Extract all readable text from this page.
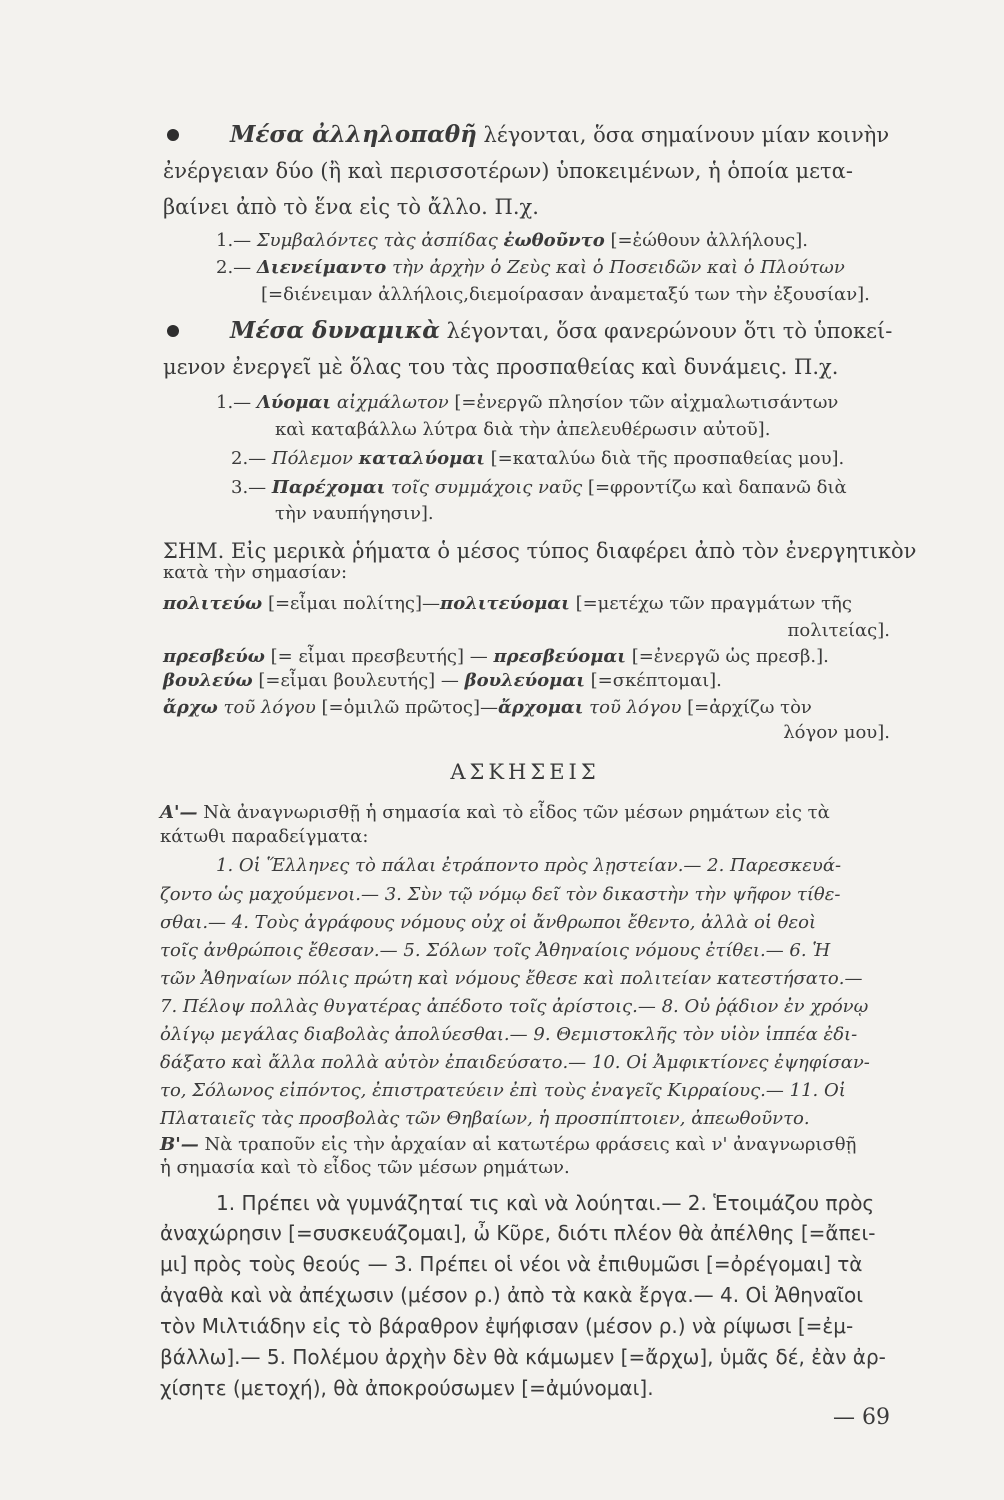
Μέσα ἀλληλοπαθῆ λέγονται, ὅσα σημαίνουν μίαν κοινὴν
ἐνέργειαν δύο (ἢ καὶ περισσοτέρων) ὑποκειμένων, ἡ ὁποία μετα-
βαίνει ἀπὸ τὸ ἕνα εἰς τὸ ἄλλο. Π.χ.
1.— Συμβαλόντες τὰς ἀσπίδας ἐωθοῦντο [=ἐώθουν ἀλλήλους].
2.— Διενείμαντο τὴν ἀρχὴν ὁ Ζεὺς καὶ ὁ Ποσειδῶν καὶ ὁ Πλούτων
[=διένειμαν ἀλλήλοις,διεμοίρασαν ἀναμεταξύ των τὴν ἐξουσίαν].
Μέσα δυναμικὰ λέγονται, ὅσα φανερώνουν ὅτι τὸ ὑποκεί-
μενον ἐνεργεῖ μὲ ὅλας του τὰς προσπαθείας καὶ δυνάμεις. Π.χ.
1.— Λύομαι αἰχμάλωτον [=ἐνεργῶ πλησίον τῶν αἰχμαλωτισάντων
καὶ καταβάλλω λύτρα διὰ τὴν ἀπελευθέρωσιν αὐτοῦ].
2.— Πόλεμον καταλύομαι [=καταλύω διὰ τῆς προσπαθείας μου].
3.— Παρέχομαι τοῖς συμμάχοις ναῦς [=φροντίζω καὶ δαπανῶ διὰ
τὴν ναυπήγησιν].
ΣΗΜ. Εἰς μερικὰ ῥήματα ὁ μέσος τύπος διαφέρει ἀπὸ τὸν ἐνεργητικὸν
κατὰ τὴν σημασίαν:
πολιτεύω [=εἶμαι πολίτης]—πολιτεύομαι [=μετέχω τῶν πραγμάτων τῆς
πολιτείας].
πρεσβεύω [= εἶμαι πρεσβευτής] — πρεσβεύομαι [=ἐνεργῶ ὡς πρεσβ.].
βουλεύω [=εἶμαι βουλευτής] — βουλεύομαι [=σκέπτομαι].
ἄρχω τοῦ λόγου [=ὁμιλῶ πρῶτος]—ἄρχομαι τοῦ λόγου [=ἀρχίζω τὸν
λόγον μου].
ΑΣΚΗΣΕΙΣ
Α'— Νὰ ἀναγνωρισθῇ ἡ σημασία καὶ τὸ εἶδος τῶν μέσων ρημάτων εἰς τὰ
κάτωθι παραδείγματα:
1. Οἱ Ἕλληνες τὸ πάλαι ἐτράποντο πρὸς λῃστείαν.— 2. Παρεσκευά-
ζοντο ὡς μαχούμενοι.— 3. Σὺν τῷ νόμῳ δεῖ τὸν δικαστὴν τὴν ψῆφον τίθε-
σθαι.— 4. Τοὺς ἀγράφους νόμους οὐχ οἱ ἄνθρωποι ἔθεντο, ἀλλὰ οἱ θεοὶ
τοῖς ἀνθρώποις ἔθεσαν.— 5. Σόλων τοῖς Ἀθηναίοις νόμους ἐτίθει.— 6. Ἡ
τῶν Ἀθηναίων πόλις πρώτη καὶ νόμους ἔθεσε καὶ πολιτείαν κατεστήσατο.—
7. Πέλοψ πολλὰς θυγατέρας ἀπέδοτο τοῖς ἀρίστοις.— 8. Οὐ ῥᾴδιον ἐν χρόνῳ
ὀλίγῳ μεγάλας διαβολὰς ἀπολύεσθαι.— 9. Θεμιστοκλῆς τὸν υἱὸν ἱππέα ἐδι-
δάξατο καὶ ἄλλα πολλὰ αὐτὸν ἐπαιδεύσατο.— 10. Οἱ Ἀμφικτίονες ἐψηφίσαν-
το, Σόλωνος εἰπόντος, ἐπιστρατεύειν ἐπὶ τοὺς ἐναγεῖς Κιρραίους.— 11. Οἱ
Πλαταιεῖς τὰς προσβολὰς τῶν Θηβαίων, ἡ προσπίπτοιεν, ἀπεωθοῦντο.
Β'— Νὰ τραποῦν εἰς τὴν ἀρχαίαν αἱ κατωτέρω φράσεις καὶ ν' ἀναγνωρισθῇ
ἡ σημασία καὶ τὸ εἶδος τῶν μέσων ρημάτων.
1. Πρέπει νὰ γυμνάζηταί τις καὶ νὰ λούηται.— 2. Ἑτοιμάζου πρὸς
ἀναχώρησιν [=συσκευάζομαι], ὦ Κῦρε, διότι πλέον θὰ ἀπέλθης [=ἄπει-
μι] πρὸς τοὺς θεούς — 3. Πρέπει οἱ νέοι νὰ ἐπιθυμῶσι [=ὀρέγομαι] τὰ
ἀγαθὰ καὶ νὰ ἀπέχωσιν (μέσον ρ.) ἀπὸ τὰ κακὰ ἔργα.— 4. Οἱ Ἀθηναῖοι
τὸν Μιλτιάδην εἰς τὸ βάραθρον ἐψήφισαν (μέσον ρ.) νὰ ρίψωσι [=ἐμ-
βάλλω].— 5. Πολέμου ἀρχὴν δὲν θὰ κάμωμεν [=ἄρχω], ὑμᾶς δέ, ἐὰν ἀρ-
χίσητε (μετοχή), θὰ ἀποκρούσωμεν [=ἀμύνομαι].
— 69
